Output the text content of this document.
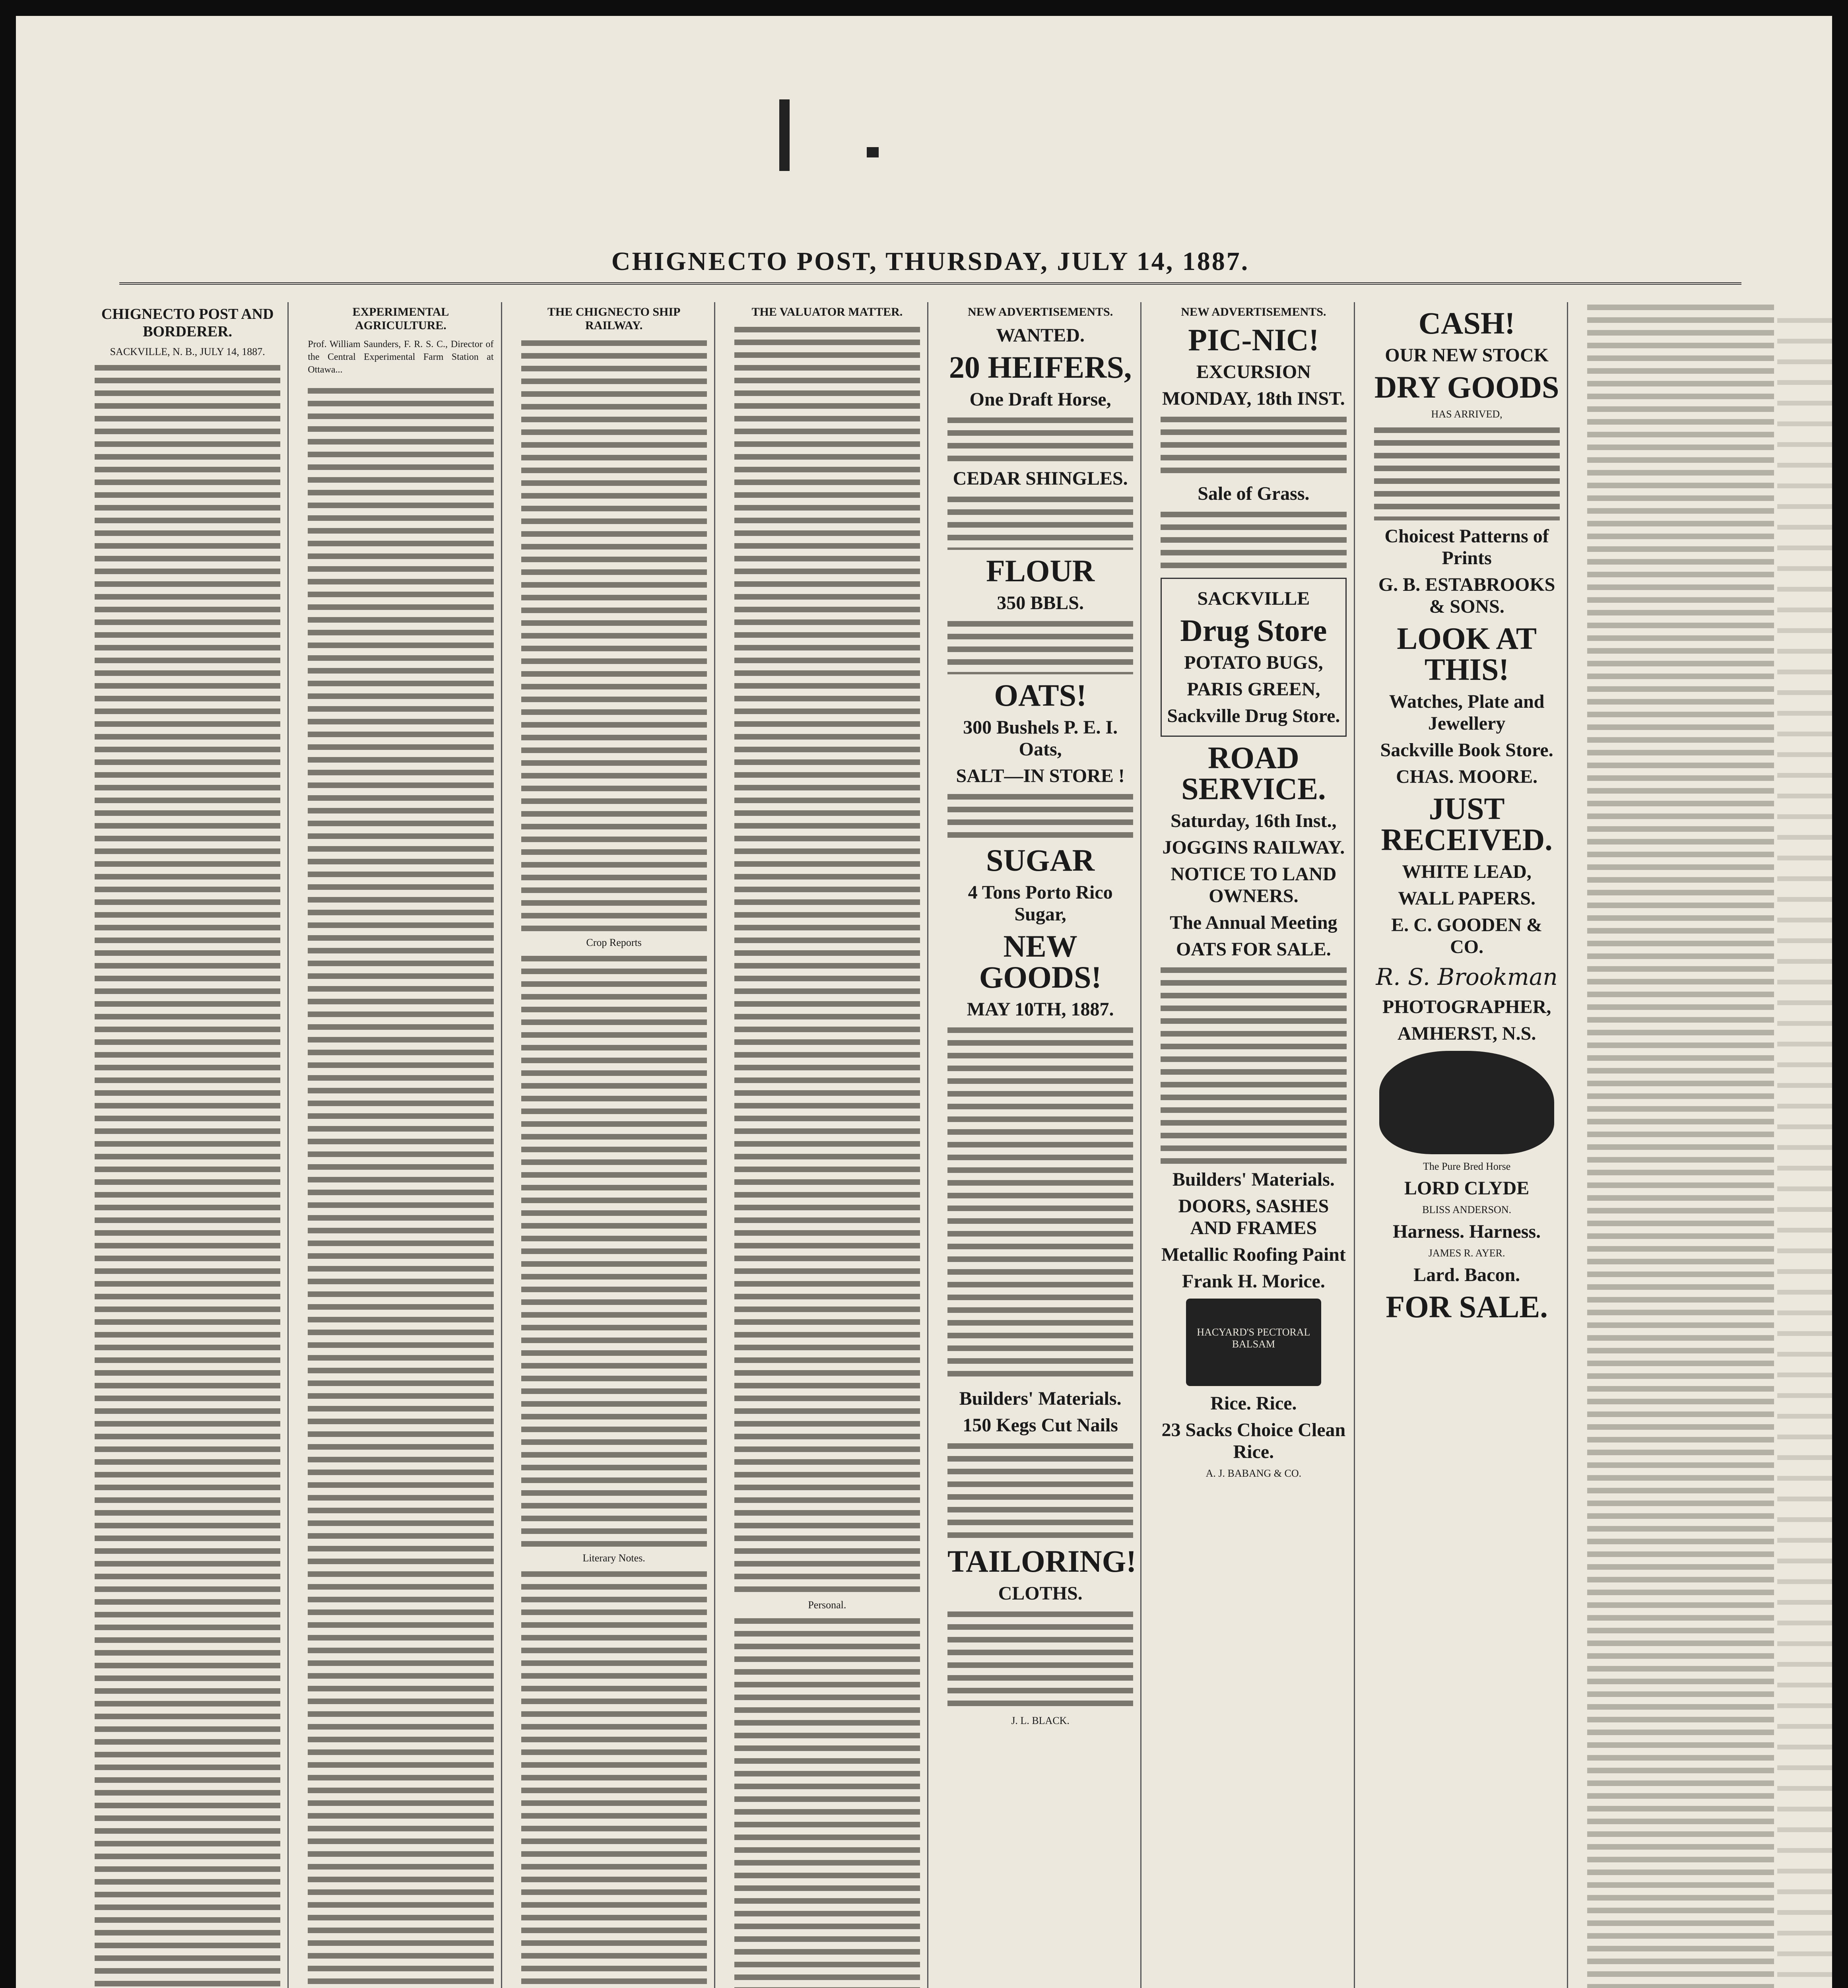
CHIGNECTO POST, THURSDAY, JULY 14, 1887.
CHIGNECTO POST AND BORDERER.
SACKVILLE, N. B., JULY 14, 1887.
EXPERIMENTAL AGRICULTURE.
Prof. William Saunders, F. R. S. C., Director of the Central Experimental Farm Station at Ottawa...
THE CHIGNECTO SHIP RAILWAY.
Crop Reports
Literary Notes.
THE VALUATOR MATTER.
Personal.
NEW ADVERTISEMENTS.
WANTED.
20 HEIFERS,
One Draft Horse,
CEDAR SHINGLES.
FLOUR
350 BBLS.
OATS!
300 Bushels P. E. I. Oats,
SALT—IN STORE !
SUGAR
4 Tons Porto Rico Sugar,
NEW GOODS!
MAY 10TH, 1887.
Builders' Materials.
150 Kegs Cut Nails
TAILORING!
CLOTHS.
J. L. BLACK.
NEW ADVERTISEMENTS.
PIC-NIC!
EXCURSION
MONDAY, 18th INST.
Sale of Grass.
SACKVILLE
Drug Store
POTATO BUGS,
PARIS GREEN,
Sackville Drug Store.
ROAD SERVICE.
Saturday, 16th Inst.,
JOGGINS RAILWAY.
NOTICE TO LAND OWNERS.
The Annual Meeting
OATS FOR SALE.
Builders' Materials.
DOORS, SASHES AND FRAMES
Metallic Roofing Paint
Frank H. Morice.
HACYARD'S PECTORAL BALSAM
Rice. Rice.
23 Sacks Choice Clean Rice.
A. J. BABANG & CO.
CASH!
OUR NEW STOCK
DRY GOODS
HAS ARRIVED,
Choicest Patterns of Prints
G. B. ESTABROOKS & SONS.
LOOK AT THIS!
Watches, Plate and Jewellery
Sackville Book Store.
CHAS. MOORE.
JUST RECEIVED.
WHITE LEAD,
WALL PAPERS.
E. C. GOODEN & CO.
R. S. Brookman
PHOTOGRAPHER,
AMHERST, N.S.
The Pure Bred Horse
LORD CLYDE
BLISS ANDERSON.
Harness. Harness.
JAMES R. AYER.
Lard. Bacon.
FOR SALE.
